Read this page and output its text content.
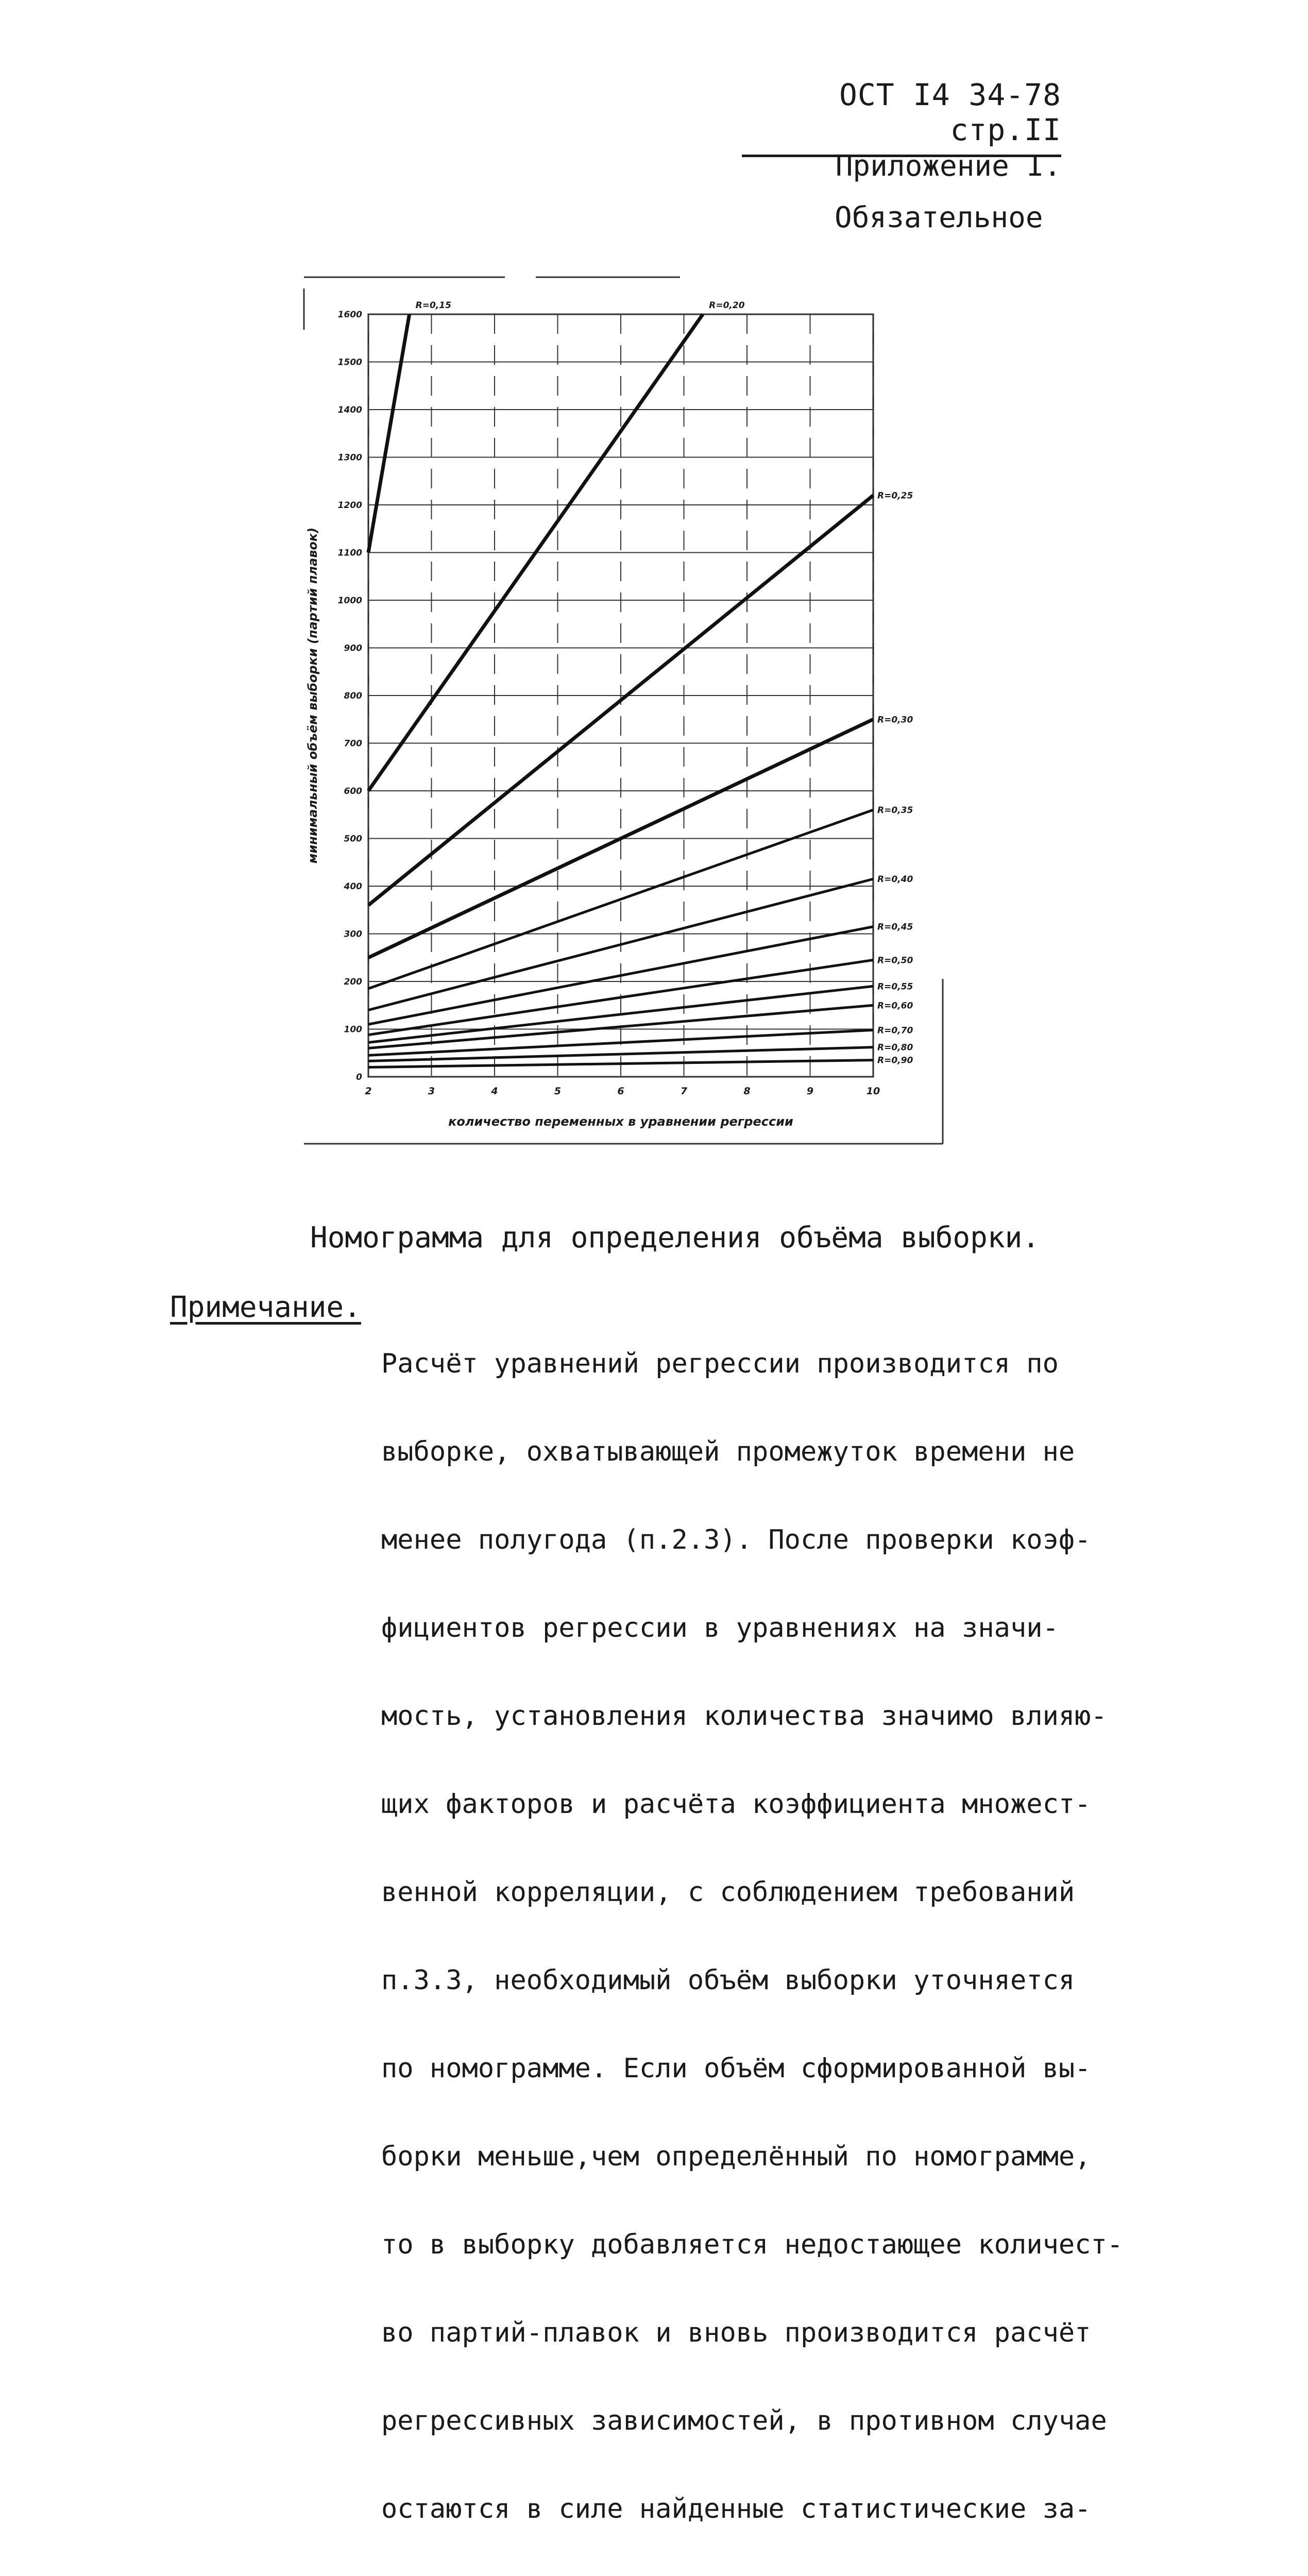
ОСТ I4 34-78 стр.II
Приложение I.
Обязательное
R=0,15	R=0,20
R=0,25
R=0,30
R=0,35
R=0,40
R=0,45
R=0,50
R=0,55
R=0,60
R=0,70
R=0,80
R=0,90
0
100
200
300
400
500
600
700
800
900
1000
1100
1200
1300
1400
1500
1600
2	3	4	5	6	7	8	9	10
количество переменных в уравнении регрессии
минимальный объём выборки (партий плавок)
Номограмма для определения объёма выборки.
Примечание.

Расчёт уравнений регрессии производится по

выборке, охватывающей промежуток времени не

менее полугода (п.2.3). После проверки коэф-

фициентов регрессии в уравнениях на значи-

мость, установления количества значимо влияю-

щих факторов и расчёта коэффициента множест-

венной корреляции, с соблюдением требований

п.3.3, необходимый объём выборки уточняется

по номограмме. Если объём сформированной вы-

борки меньше,чем определённый по номограмме,

то в выборку добавляется недостающее количест-

во партий-плавок и вновь производится расчёт

регрессивных зависимостей, в противном случае

остаются в силе найденные статистические за-
